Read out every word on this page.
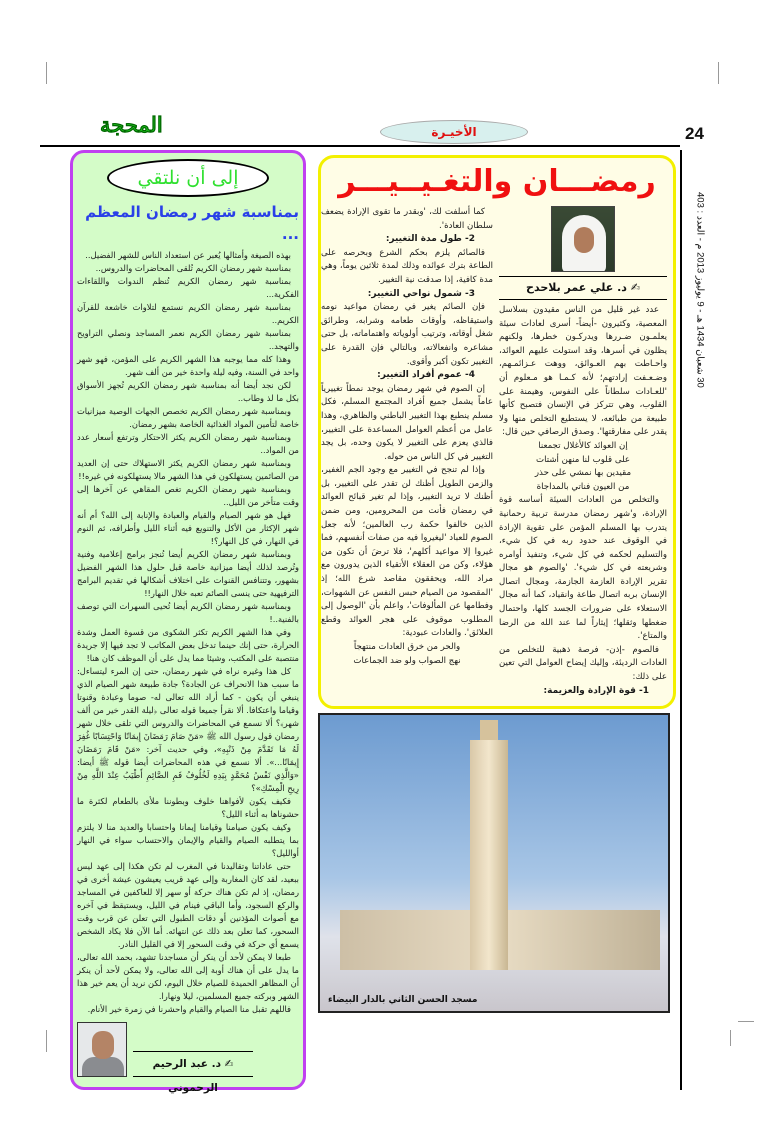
24
الأخيـرة
المحجة
30 شعبان 1434 هـ - 9 يوليوز 2013 م - العدد : 403
رمضـــان والتغـيــيـــر
✍ د. علي عمر بلاحدح

عدد غير قليل من الناس مقيدون بسلاسل المعصية، وكثيرون -أيضاً- أسرى لعادات سيئة يعلمـون ضـررها ويدركـون خطرها، ولكنهم يظلون في أسرها، وقد استولت عليهم العوائد، واحـاطت بهم العـوائق، ووهت عـزائمـهم، وضـعـفت إرادتهم؛ لأنه كـمـا هو مـعلوم أن 'للعـادات سلطاناً على النفوس، وهيمنة على القلوب، وهي تتركز في الإنسان فتصبح كأنها طبيعة من طبائعه، لا يستطيع التخلص منها ولا يقدر على مفارقتها'. وصدق الرصافي حين قال:

إن العوائد كالأغلال تجمعنا

على قلوب لنا منهن أشتات

مقيدين بها نمشي على حذر

من العيون فناتي بالمداجاة

والتخلص من العادات السيئة أساسه قوة الإرادة، و'شهر رمضان مدرسة تربية رحمانية يتدرب بها المسلم المؤمن على تقوية الإرادة في الوقوف عند حدود ربه في كل شيء، والتسليم لحكمه في كل شيء، وتنفيذ أوامره وشريعته في كل شيء'. 'والصوم هو مجال تقرير الإرادة العازمة الجازمة، ومجال اتصال الإنسان بربه اتصال طاعة وانقياد، كما أنه مجال الاستعلاء على ضرورات الجسد كلها، واحتمال ضغطها وثقلها؛ إيثاراً لما عند الله من الرضا والمتاع'.

فالصوم -إذن- فرصة ذهبية للتخلص من العادات الرديئة، وإليك إيضاح العوامل التي تعين على ذلك:

1- قوة الإرادة والعزيمة:

كما أسلفت لك، 'وبقدر ما تقوى الإرادة يضعف سلطان العادة'.

2- طول مدة التغيير:

فالصائم يلزم بحكم الشرع وبحرصه على الطاعة بترك عوائده وذلك لمدة ثلاثين يوماً، وهي مدة كافية، إذا صدقت نية التغيير.

3- شمول نواحي التغيير:

فإن الصائم يغير في رمضان مواعيد نومه واستيقاظه، وأوقات طعامه وشرابه، وطرائق شغل أوقاته، وترتيب أولوياته واهتماماته، بل حتى مشاعره وانفعالاته، وبالتالي فإن القدرة على التغيير تكون أكبر وأقوى.

4- عموم أفراد التغيير:

إن الصوم في شهر رمضان يوجد نمطاً تغييرياً عاماً يشمل جميع أفراد المجتمع المسلم، فكل مسلم ينطبع بهذا التغيير الباطني والظاهري، وهذا عامل من أعظم العوامل المساعدة على التغيير، فالذي يعزم على التغيير لا يكون وحده، بل يجد التغيير في كل الناس من حوله.

وإذا لم تنجح في التغيير مع وجود الجم الغفير، والزمن الطويل أظنك لن تقدر على التغيير، بل أظنك لا تريد التغيير، وإذا لم تغير قبائح العوائد في رمضان فأنت من المحرومين، ومن ضمن الذين خالفوا حكمة رب العالمين؛ لأنه جعل الصوم للعباد 'ليغيروا فيه من صفات أنفسهم، فما غيروا إلا مواعيد أكلهم'، فلا ترضَ أن تكون من هؤلاء، وكن من العقلاء الأتقياء الذين يدورون مع مراد الله، ويحققون مقاصد شرع الله؛ إذ 'المقصود من الصيام حبس النفس عن الشهوات، وفطامها عن المألوفات'، واعلم بأن 'الوصول إلى المطلوب موقوف على هجر العوائد وقطع العلائق'. والعادات عبودية:

والحر من خرق العادات منتهجاً

نهج الصواب ولو ضد الجماعات

مسجد الحسن الثاني بالدار البيضاء
إلى أن نلتقي
بمناسبة شهر رمضان المعظم ...

بهذه الصيغة وأمثالها يُعبر عن استعداد الناس للشهر الفضيل..

بمناسبة شهر رمضان الكريم تُلقى المحاضرات والدروس..

بمناسبة شهر رمضان الكريم تُنظم الندوات واللقاءات الفكرية...

بمناسبة شهر رمضان الكريم نستمع لتلاوات خاشعة للقرآن الكريم..

بمناسبة شهر رمضان الكريم نعمر المساجد ونصلي التراويح والتهجد..

وهذا كله مما يوجبه هذا الشهر الكريم على المؤمن، فهو شهر واحد في السنة، وفيه ليلة واحدة خير من ألف شهر.

لكن نجد أيضا أنه بمناسبة شهر رمضان الكريم تُجهز الأسواق بكل ما لذ وطاب..

وبمناسبة شهر رمضان الكريم تخصص الجهات الوصية ميزانيات خاصة لتأمين المواد الغذائية الخاصة بشهر رمضان.

وبمناسبة شهر رمضان الكريم يكثر الاحتكار وترتفع أسعار عدد من المواد..

وبمناسبة شهر رمضان الكريم يكثر الاستهلاك حتى إن العديد من الصائمين يستهلكون في هذا الشهر مالا يستهلكونه في غيره!!

وبمناسبة شهر رمضان الكريم تغص المقاهي عن آخرها إلى وقت متأخر من الليل..

فهل هو شهر الصيام والقيام والعبادة والإنابة إلى الله؟ أم أنه شهر الإكثار من الأكل والتنويع فيه أثناء الليل وأطرافه، ثم النوم في النهار، في كل النهار؟!

وبمناسبة شهر رمضان الكريم أيضا تُنجز برامج إعلامية وفنية وتُرصد لذلك أيضا ميزانية خاصة قبل حلول هذا الشهر الفضيل بشهور، وتتنافس القنوات على اختلاف أشكالها في تقديم البرامج الترفيهية حتى ينسى الصائم تعبه خلال النهار!!

وبمناسبة شهر رمضان الكريم أيضا تُحيى السهرات التي توصف بالفنية..!

وفي هذا الشهر الكريم تكثر الشكوى من قسوة العمل وشدة الحرارة، حتى إنك حينما تدخل بعض المكاتب لا تجد فيها إلا جريدة منتصبة على المكتب، وشيئا مما يدل على أن الموظف كان هنا!

كل هذا وغيره نراه في شهر رمضان، حتى إن المرء ليتساءل: ما سبب هذا الانحراف عن الجادة؟ جادة طبيعة شهر الصيام الذي ينبغي أن يكون - كما أراد الله تعالى له- صوما وعبادة وقنوتا وقياما واعتكافا. ألا نقرأ جميعا قوله تعالى ﴿ليلة القدر خير من ألف شهر﴾؟ ألا نسمع في المحاضرات والدروس التي تلقى خلال شهر رمضان قول رسول الله ﷺ «مَنْ صَامَ رَمَضَانَ إِيمَانًا وَاحْتِسَابًا غُفِرَ لَهُ مَا تَقَدَّمَ مِنْ ذَنْبِهِ»، وفي حديث آخر: «مَنْ قَامَ رَمَضَانَ إِيمَانًا...». ألا نسمع في هذه المحاضرات أيضا قوله ﷺ أيضا: «وَالَّذِي نَفْسُ مُحَمَّدٍ بِيَدِهِ لَخُلُوفُ فَمِ الصَّائِمِ أَطْيَبُ عِنْدَ اللَّهِ مِنْ رِيحِ الْمِسْكِ»؟

فكيف يكون لأفواهنا خلوف وبطوننا ملأى بالطعام لكثرة ما حشوناها به أثناء الليل؟

وكيف يكون صيامنا وقيامنا إيمانا واحتسابا والعديد منا لا يلتزم بما يتطلبه الصيام والقيام والإيمان والاحتساب سواء في النهار أوالليل؟

حتى عاداتنا وتقاليدنا في المغرب لم تكن هكذا إلى عهد ليس ببعيد، لقد كان المغاربة وإلى عهد قريب يعيشون عيشة أخرى في رمضان، إذ لم تكن هناك حركة أو سهر إلا للعاكفين في المساجد والركع السجود، وأما الباقي فينام في الليل، ويستيقظ في آخره مع أصوات المؤذنين أو دقات الطبول التي تعلن عن قرب وقت السحور، كما تعلن بعد ذلك عن انتهائه. أما الآن فلا يكاد الشخص يسمع أي حركة في وقت السحور إلا في القليل النادر.

طبعا لا يمكن لأحد أن ينكر أن مساجدنا تشهد، بحمد الله تعالى، ما يدل على أن هناك أوبة إلى الله تعالى، ولا يمكن لأحد أن ينكر أن المظاهر الحميدة للصيام خلال اليوم، لكن نريد أن يعم خير هذا الشهر وبركته جميع المسلمين، ليلا ونهارا.

فاللهم تقبل منا الصيام والقيام واحشرنا في زمرة خير الأنام.

✍ د. عبد الرحيم الرحموني
